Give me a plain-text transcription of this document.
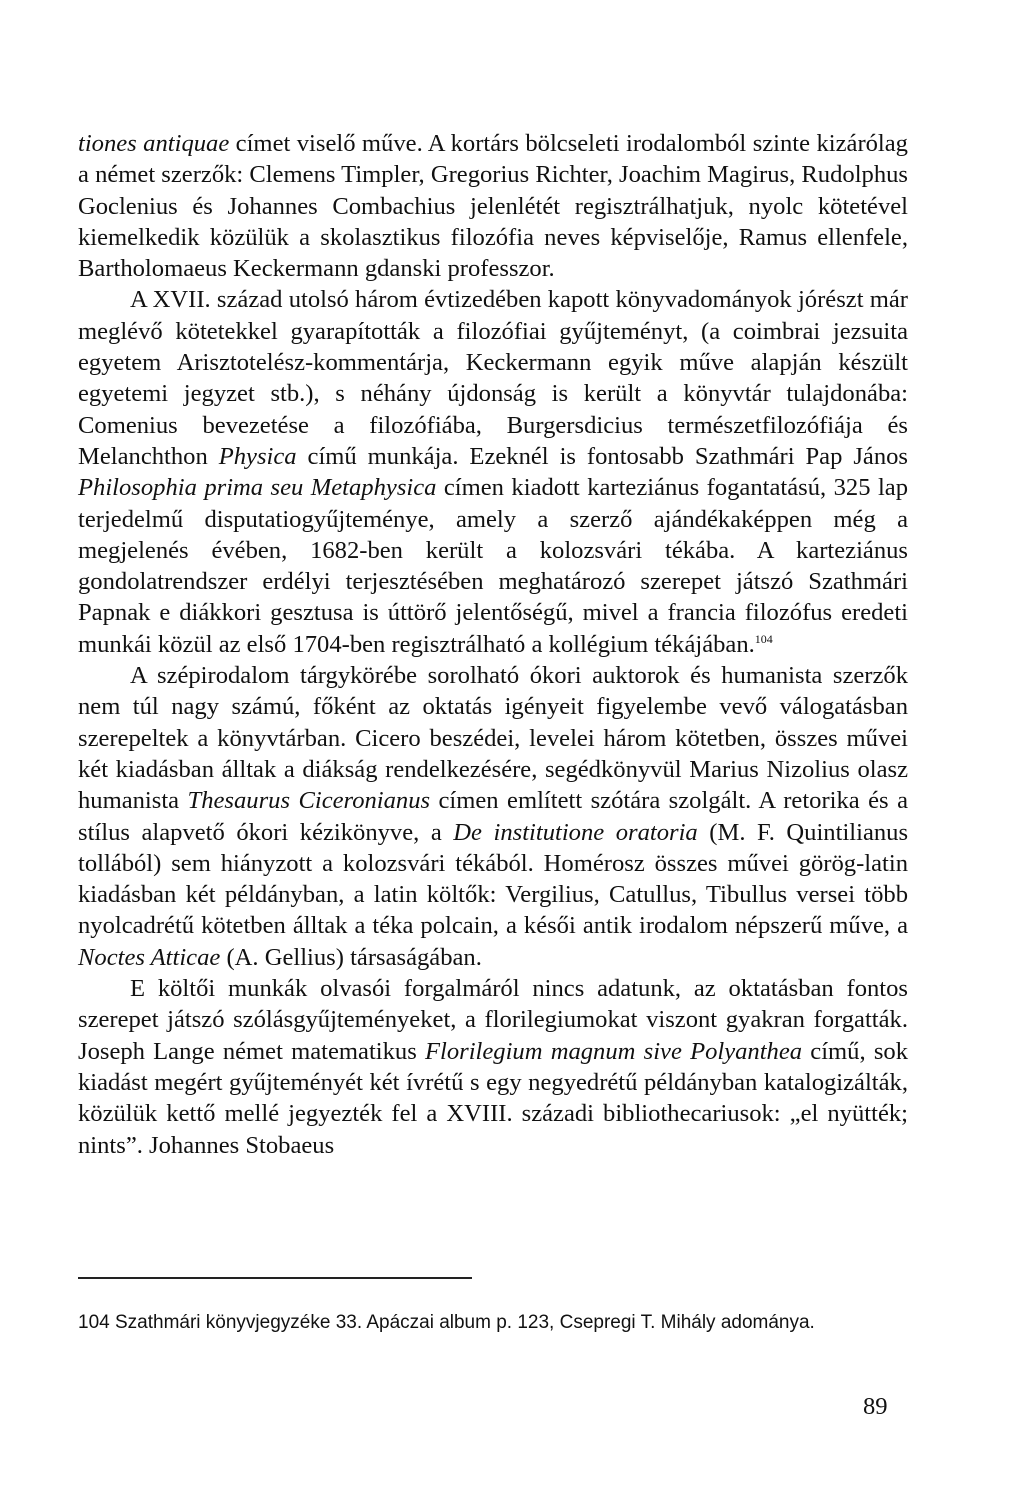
tiones antiquae címet viselő műve. A kortárs bölcseleti irodalomból szinte kizárólag a német szerzők: Clemens Timpler, Gregorius Richter, Joachim Magirus, Rudolphus Goclenius és Johannes Combachius jelenlétét regisztrálhatjuk, nyolc kötetével kiemelkedik közülük a skolasztikus filozófia neves képviselője, Ramus ellenfele, Bartholomaeus Keckermann gdanski professzor.

A XVII. század utolsó három évtizedében kapott könyvadományok jórészt már meglévő kötetekkel gyarapították a filozófiai gyűjteményt, (a coimbrai jezsuita egyetem Arisztotelész-kommentárja, Keckermann egyik műve alapján készült egyetemi jegyzet stb.), s néhány újdonság is került a könyvtár tulajdonába: Comenius bevezetése a filozófiába, Burgersdicius természetfilozófiája és Melanchthon Physica című munkája. Ezeknél is fontosabb Szathmári Pap János Philosophia prima seu Metaphysica címen kiadott karteziánus fogantatású, 325 lap terjedelmű disputatiogyűjteménye, amely a szerző ajándékaképpen még a megjelenés évében, 1682-ben került a kolozsvári tékába. A karteziánus gondolatrendszer erdélyi terjesztésében meghatározó szerepet játszó Szathmári Papnak e diákkori gesztusa is úttörő jelentőségű, mivel a francia filozófus eredeti munkái közül az első 1704-ben regisztrálható a kollégium tékájában.$^{104}$

A szépirodalom tárgykörébe sorolható ókori auktorok és humanista szerzők nem túl nagy számú, főként az oktatás igényeit figyelembe vevő válogatásban szerepeltek a könyvtárban. Cicero beszédei, levelei három kötetben, összes művei két kiadásban álltak a diákság rendelkezésére, segédkönyvül Marius Nizolius olasz humanista Thesaurus Ciceronianus címen említett szótára szolgált. A retorika és a stílus alapvető ókori kézikönyve, a De institutione oratoria (M. F. Quintilianus tollából) sem hiányzott a kolozsvári tékából. Homérosz összes művei görög-latin kiadásban két példányban, a latin költők: Vergilius, Catullus, Tibullus versei több nyolcadrétű kötetben álltak a téka polcain, a késői antik irodalom népszerű műve, a Noctes Atticae (A. Gellius) társaságában.

E költői munkák olvasói forgalmáról nincs adatunk, az oktatásban fontos szerepet játszó szólásgyűjteményeket, a florilegiumokat viszont gyakran forgatták. Joseph Lange német matematikus Florilegium magnum sive Polyanthea című, sok kiadást megért gyűjteményét két ívrétű s egy negyedrétű példányban katalogizálták, közülük kettő mellé jegyezték fel a XVIII. századi bibliothecariusok: „el nyütték; nints”. Johannes Stobaeus

104 Szathmári könyvjegyzéke 33. Apáczai album p. 123, Csepregi T. Mihály adománya.

89
